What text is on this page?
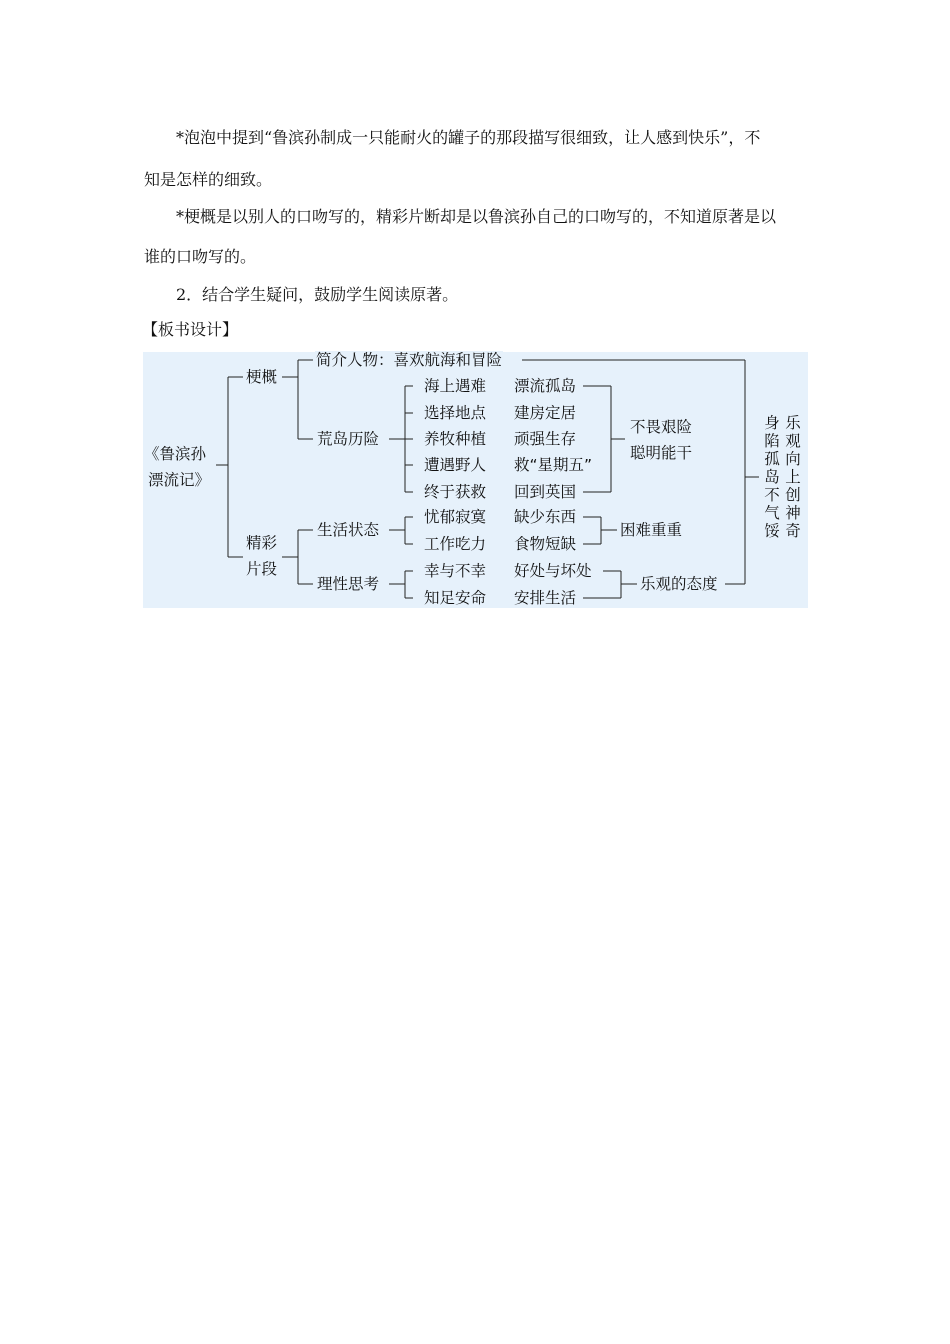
*泡泡中提到“鲁滨孙制成一只能耐火的罐子的那段描写很细致，让人感到快乐”，不

知是怎样的细致。

*梗概是以别人的口吻写的，精彩片断却是以鲁滨孙自己的口吻写的，不知道原著是以

谁的口吻写的。

2．结合学生疑问，鼓励学生阅读原著。

【板书设计】

《鲁滨孙
漂流记》
梗概
精彩
片段
简介人物：喜欢航海和冒险
荒岛历险
海上遇难 漂流孤岛
选择地点 建房定居
养牧种植 顽强生存
遭遇野人 救“星期五”
终于获救 回到英国
不畏艰险
聪明能干
生活状态
忧郁寂寞 缺少东西
工作吃力 食物短缺
困难重重
理性思考
幸与不幸 好处与坏处
知足安命 安排生活
乐观的态度
身陷孤岛不气馁
乐观向上创神奇
